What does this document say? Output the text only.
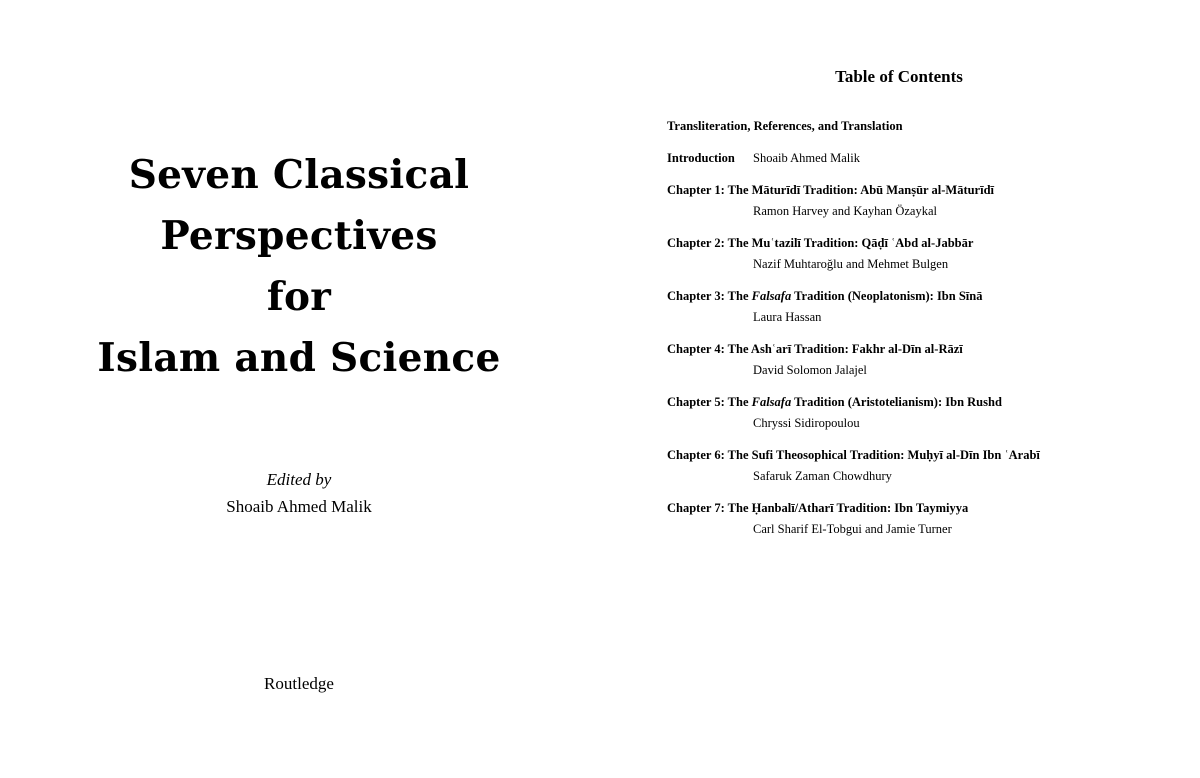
Seven Classical
Perspectives
for
Islam and Science
Edited by
Shoaib Ahmed Malik
Routledge
Table of Contents
Transliteration, References, and Translation
Introduction Shoaib Ahmed Malik
Chapter 1: The Māturīdī Tradition: Abū Manṣūr al-Māturīdī
Ramon Harvey and Kayhan Özaykal
Chapter 2: The Muʿtazilī Tradition: Qāḍī ʿAbd al-Jabbār
Nazif Muhtaroğlu and Mehmet Bulgen
Chapter 3: The Falsafa Tradition (Neoplatonism): Ibn Sīnā
Laura Hassan
Chapter 4: The Ashʿarī Tradition: Fakhr al-Dīn al-Rāzī
David Solomon Jalajel
Chapter 5: The Falsafa Tradition (Aristotelianism): Ibn Rushd
Chryssi Sidiropoulou
Chapter 6: The Sufi Theosophical Tradition: Muḥyī al-Dīn Ibn ʿArabī
Safaruk Zaman Chowdhury
Chapter 7: The Ḥanbalī/Atharī Tradition: Ibn Taymiyya
Carl Sharif El-Tobgui and Jamie Turner
